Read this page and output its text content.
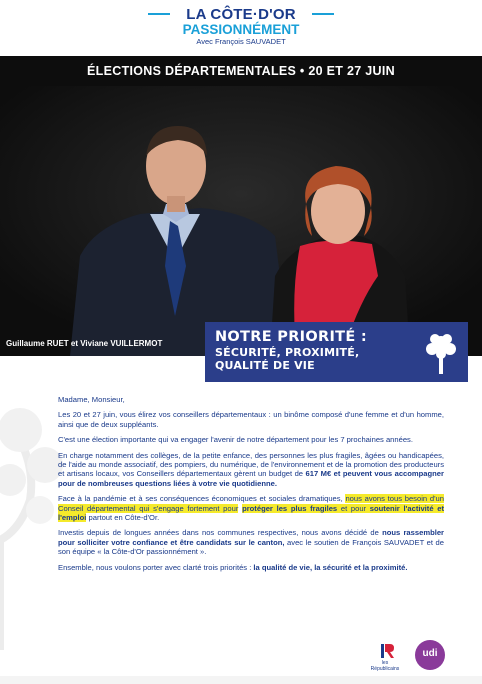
LA CÔTE·D'OR
PASSIONNÉMENT
Avec François SAUVADET
ÉLECTIONS DÉPARTEMENTALES • 20 ET 27 JUIN
Guillaume RUET et Viviane VUILLERMOT	NOTRE PRIORITÉ :
SÉCURITÉ, PROXIMITÉ,
QUALITÉ DE VIE

Madame, Monsieur,

Les 20 et 27 juin, vous élirez vos conseillers départementaux : un binôme composé d'une femme et d'un homme, ainsi que de deux suppléants.

C'est une élection importante qui va engager l'avenir de notre département pour les 7 prochaines années.

En charge notamment des collèges, de la petite enfance, des personnes les plus fragiles, âgées ou handicapées, de l'aide au monde associatif, des pompiers, du numérique, de l'environnement et de la promotion des producteurs et artisans locaux, vos Conseillers départementaux gèrent un budget de 617 M€ et peuvent vous accompagner pour de nombreuses questions liées à votre vie quotidienne.

Face à la pandémie et à ses conséquences économiques et sociales dramatiques, nous avons tous besoin d'un Conseil départemental qui s'engage fortement pour protéger les plus fragiles et pour soutenir l'activité et l'emploi partout en Côte-d'Or.

Investis depuis de longues années dans nos communes respectives, nous avons décidé de nous rassembler pour solliciter votre confiance et être candidats sur le canton, avec le soutien de François SAUVADET et de son équipe « la Côte-d'Or passionnément ».

Ensemble, nous voulons porter avec clarté trois priorités : la qualité de vie, la sécurité et la proximité.

les Républicains
udi
